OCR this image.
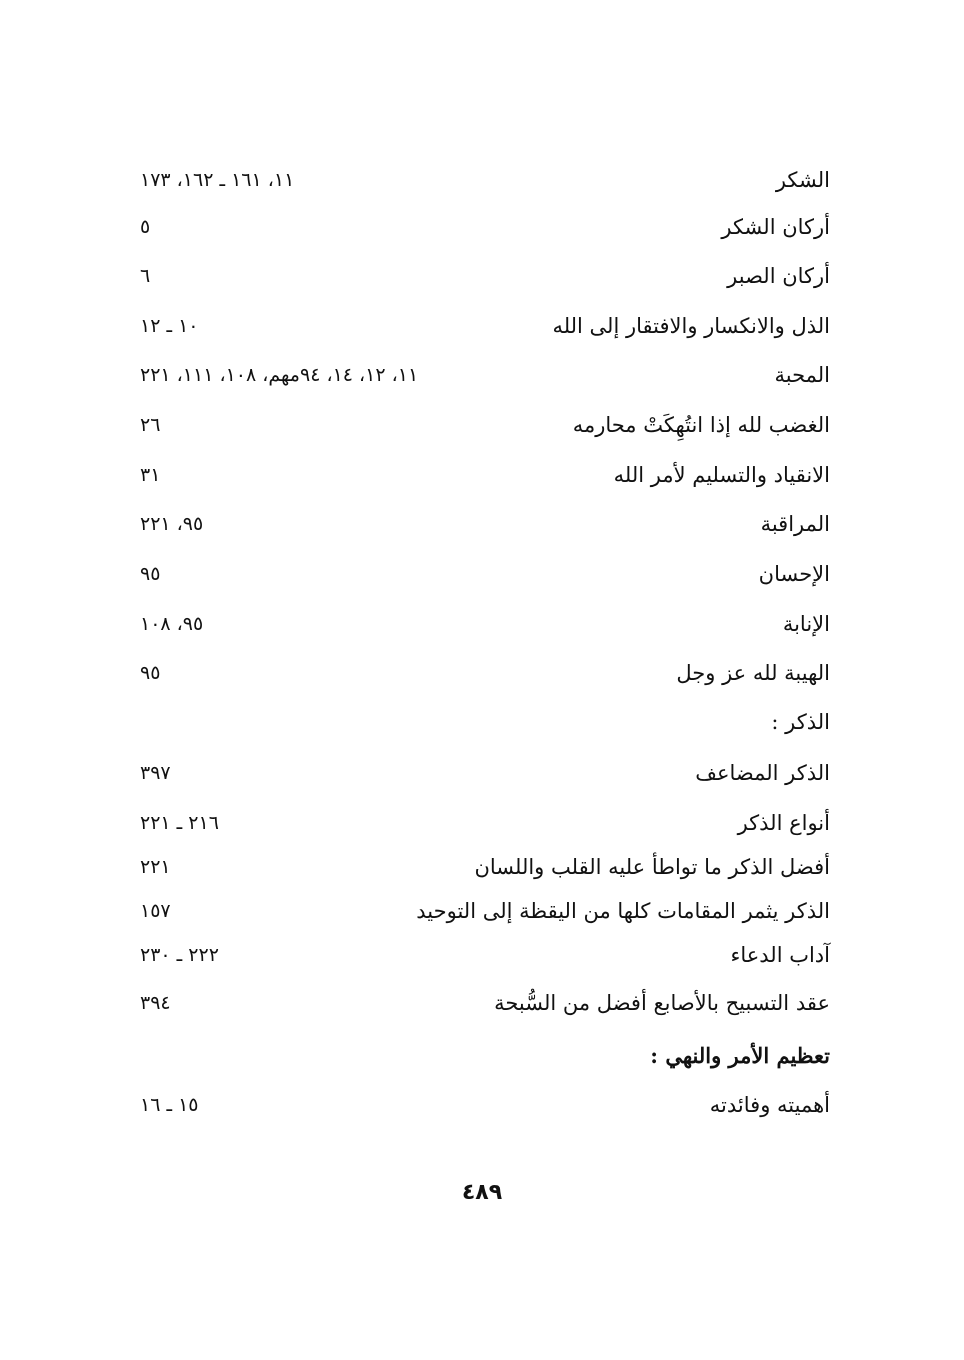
الشكر
١١، ١٦١ ـ ١٦٢، ١٧٣
أركان الشكر
٥
أركان الصبر
٦
الذل والانكسار والافتقار إلى الله
١٠ ـ ١٢
المحبة
١١، ١٢، ١٤، ٩٤مهم، ١٠٨، ١١١، ٢٢١
الغضب لله إذا انتُهِكَتْ محارمه
٢٦
الانقياد والتسليم لأمر الله
٣١
المراقبة
٩٥، ٢٢١
الإحسان
٩٥
الإنابة
٩٥، ١٠٨
الهيبة لله عز وجل
٩٥
الذكر :
الذكر المضاعف
٣٩٧
أنواع الذكر
٢١٦ ـ ٢٢١
أفضل الذكر ما تواطأ عليه القلب واللسان
٢٢١
الذكر يثمر المقامات كلها من اليقظة إلى التوحيد
١٥٧
آداب الدعاء
٢٢٢ ـ ٢٣٠
عقد التسبيح بالأصابع أفضل من السُّبحة
٣٩٤
تعظيم الأمر والنهي :
أهميته وفائدته
١٥ ـ ١٦
٤٨٩
